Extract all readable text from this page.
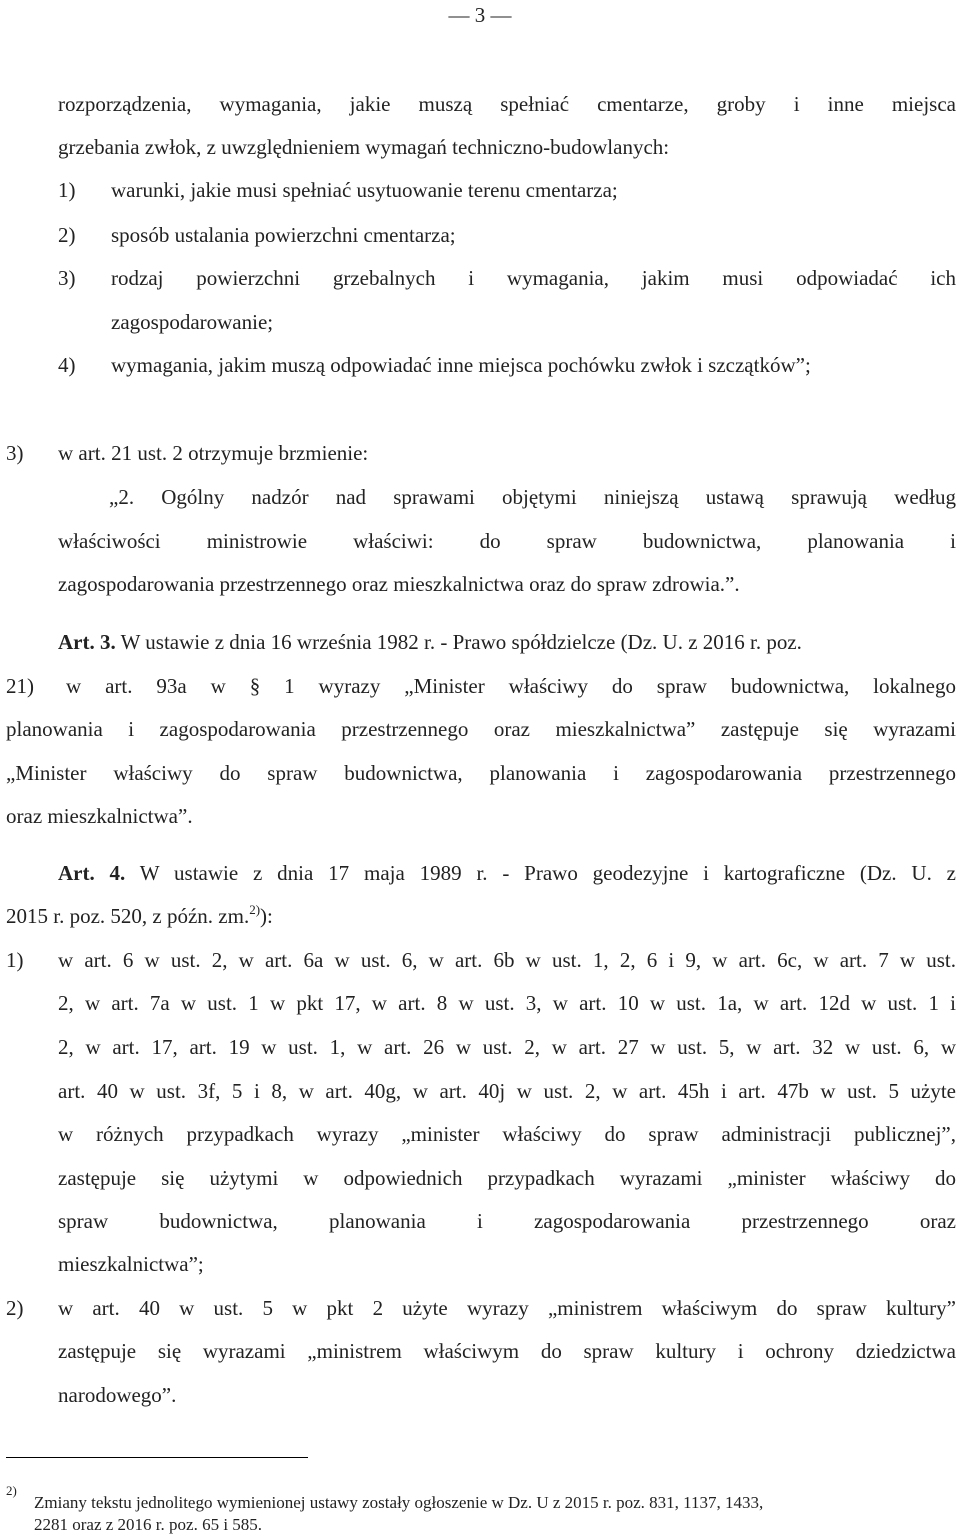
— 3 —
rozporządzenia, wymagania, jakie muszą spełniać cmentarze, groby i inne miejsca
grzebania zwłok, z uwzględnieniem wymagań techniczno-budowlanych:
1) warunki, jakie musi spełniać usytuowanie terenu cmentarza;
2) sposób ustalania powierzchni cmentarza;
3) rodzaj powierzchni grzebalnych i wymagania, jakim musi odpowiadać ich
zagospodarowanie;
4) wymagania, jakim muszą odpowiadać inne miejsca pochówku zwłok i szczątków”;
3) w art. 21 ust. 2 otrzymuje brzmienie:
„2. Ogólny nadzór nad sprawami objętymi niniejszą ustawą sprawują według
właściwości ministrowie właściwi: do spraw budownictwa, planowania i
zagospodarowania przestrzennego oraz mieszkalnictwa oraz do spraw zdrowia.”.
Art. 3. W ustawie z dnia 16 września 1982 r. - Prawo spółdzielcze (Dz. U. z 2016 r. poz.
21) w art. 93a w § 1 wyrazy „Minister właściwy do spraw budownictwa, lokalnego
planowania i zagospodarowania przestrzennego oraz mieszkalnictwa” zastępuje się wyrazami
„Minister właściwy do spraw budownictwa, planowania i zagospodarowania przestrzennego
oraz mieszkalnictwa”.
Art. 4. W ustawie z dnia 17 maja 1989 r. - Prawo geodezyjne i kartograficzne (Dz. U. z
2015 r. poz. 520, z późn. zm.$^{2)}$):
1) w art. 6 w ust. 2, w art. 6a w ust. 6, w art. 6b w ust. 1, 2, 6 i 9, w art. 6c, w art. 7 w ust.
2, w art. 7a w ust. 1 w pkt 17, w art. 8 w ust. 3, w art. 10 w ust. 1a, w art. 12d w ust. 1 i
2, w art. 17, art. 19 w ust. 1, w art. 26 w ust. 2, w art. 27 w ust. 5, w art. 32 w ust. 6, w
art. 40 w ust. 3f, 5 i 8, w art. 40g, w art. 40j w ust. 2, w art. 45h i art. 47b w ust. 5 użyte
w różnych przypadkach wyrazy „minister właściwy do spraw administracji publicznej”,
zastępuje się użytymi w odpowiednich przypadkach wyrazami „minister właściwy do
spraw budownictwa, planowania i zagospodarowania przestrzennego oraz
mieszkalnictwa”;
2) w art. 40 w ust. 5 w pkt 2 użyte wyrazy „ministrem właściwym do spraw kultury”
zastępuje się wyrazami „ministrem właściwym do spraw kultury i ochrony dziedzictwa
narodowego”.
2)
Zmiany tekstu jednolitego wymienionej ustawy zostały ogłoszenie w Dz. U z 2015 r. poz. 831, 1137, 1433,
2281 oraz z 2016 r. poz. 65 i 585.
